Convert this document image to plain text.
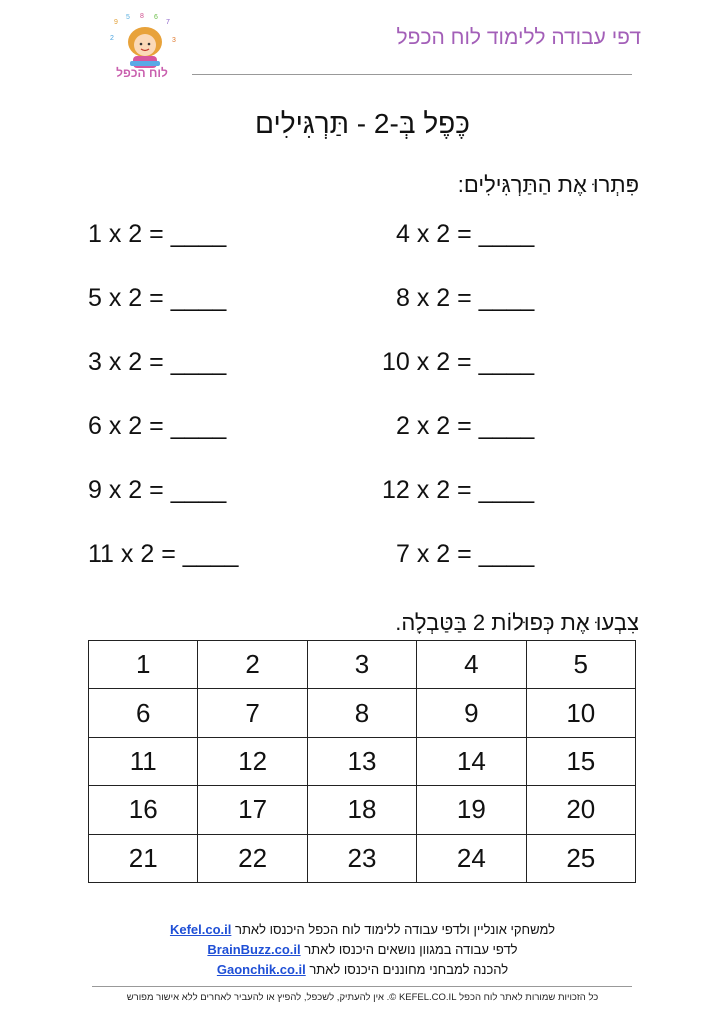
דפי עבודה ללימוד לוח הכפל
9
5 8 6
7
2	3
לוח הכפל
כֶּפֶל בְּ-2 - תַּרְגִּילִים
פִּתְרוּ אֶת הַתַּרְגִּילִים:
1 x 2 = ____
5 x 2 = ____
3 x 2 = ____
6 x 2 = ____
9 x 2 = ____
11 x 2 = ____
4 x 2 = ____
8 x 2 = ____
10 x 2 = ____
2 x 2 = ____
12 x 2 = ____
7 x 2 = ____
צִבְעוּ אֶת כְּפוּלוֹת 2 בַּטַּבְלָה.
1	2	3	4	5
6	7	8	9	10
11	12	13	14	15
16	17	18	19	20
21	22	23	24	25
למשחקי אונליין ולדפי עבודה ללימוד לוח הכפל היכנסו לאתר Kefel.co.il
לדפי עבודה במגוון נושאים היכנסו לאתר BrainBuzz.co.il
להכנה למבחני מחוננים היכנסו לאתר Gaonchik.co.il
כל הזכויות שמורות לאתר לוח הכפל KEFEL.CO.IL ©. אין להעתיק, לשכפל, להפיץ או להעביר לאחרים ללא אישור מפורש
